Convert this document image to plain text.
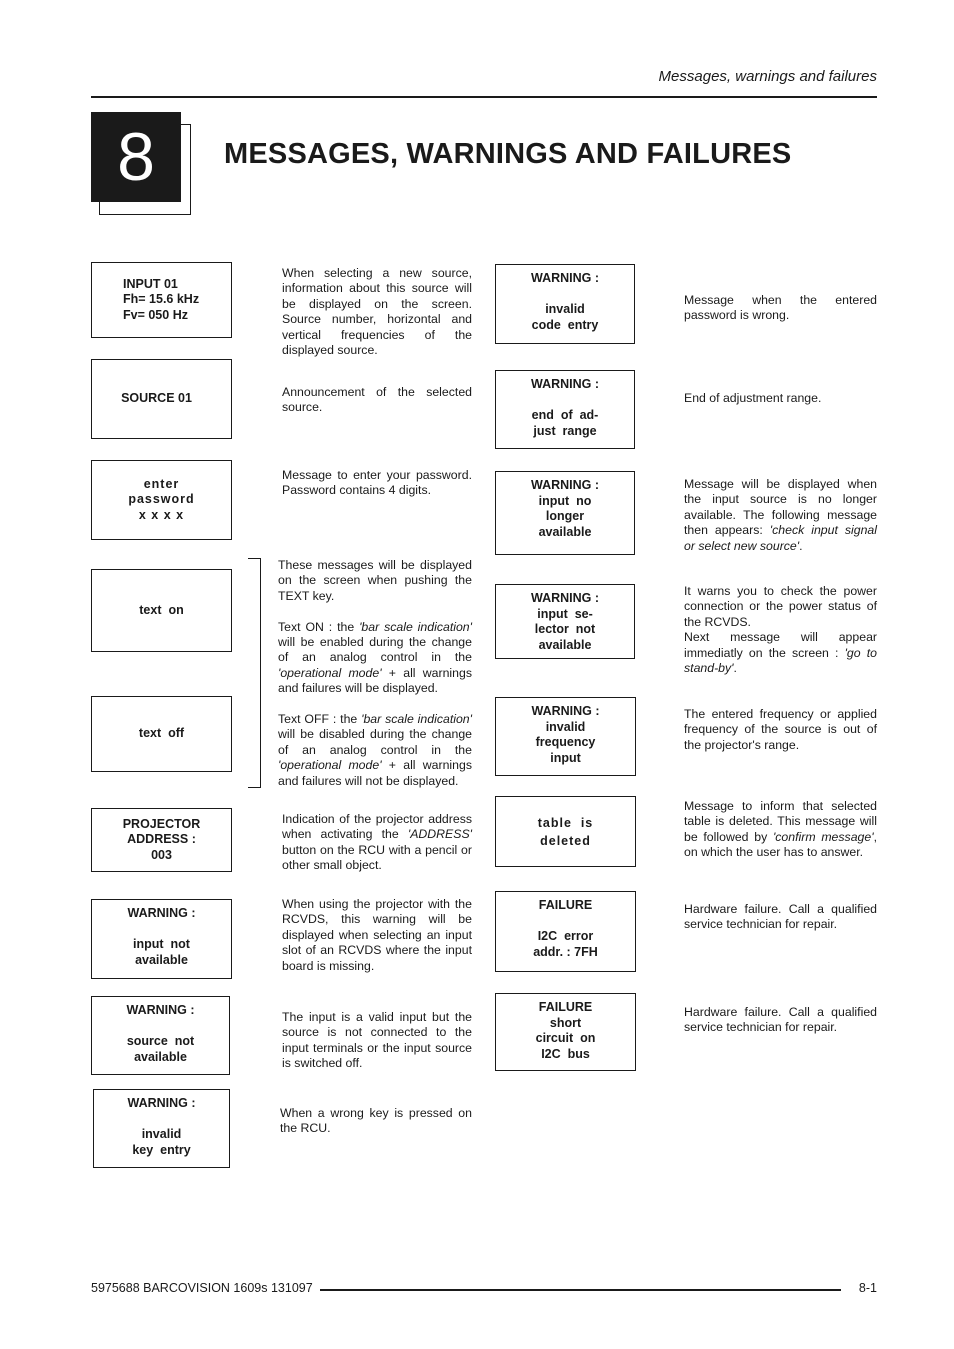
Messages, warnings and failures
8	MESSAGES, WARNINGS AND FAILURES
INPUT 01
Fh= 15.6 kHz
Fv= 050 Hz
SOURCE 01
enter
password
x x x x
text  on
text  off
PROJECTOR
ADDRESS :
003
WARNING :

input  not
available
WARNING :

source  not
available
WARNING :

invalid
key  entry

When selecting a new source, information about this source will be displayed on the screen. Source number, horizontal and vertical frequencies of the displayed source.

Announcement of the selected source.

Message to enter your password. Password contains 4 digits.

These messages will be displayed on the screen when pushing the TEXT key.

Text ON : the 'bar scale indication' will be enabled during the change of an analog control in the 'operational mode' + all warnings and failures will be displayed.

Text OFF : the 'bar scale indication' will be disabled during the change of an analog control in the 'operational mode' + all warnings and failures will not be displayed.

Indication of the projector address when activating the 'ADDRESS' button on the RCU with a pencil or other small object.

When using the projector with the RCVDS, this warning will be displayed when selecting an input slot of an RCVDS where the input board is missing.

The input is a valid input but the source is not connected to the input terminals or the input source is switched off.

When a wrong key is pressed on the RCU.

WARNING :

invalid
code  entry
WARNING :

end  of  ad-
just  range
WARNING :
input  no
longer
available
WARNING :
input  se-
lector  not
available
WARNING :
invalid
frequency
input
table  is
deleted
FAILURE

I2C  error
addr. : 7FH
FAILURE
short
circuit  on
I2C  bus

Message when the entered password is wrong.

End of adjustment range.

Message will be displayed when the input source is no longer available. The following message then appears: 'check input signal or select new source'.

It warns you to check the power connection or the power status of the RCVDS.

Next message will appear immediatly on the screen : 'go to stand-by'.

The entered frequency or applied frequency of the source is out of the projector's range.

Message to inform that selected table is deleted. This message will be followed by 'confirm message', on which the user has to answer.

Hardware failure. Call a qualified service technician for repair.

Hardware failure. Call a qualified service technician for repair.

5975688 BARCOVISION 1609s 131097	8-1
